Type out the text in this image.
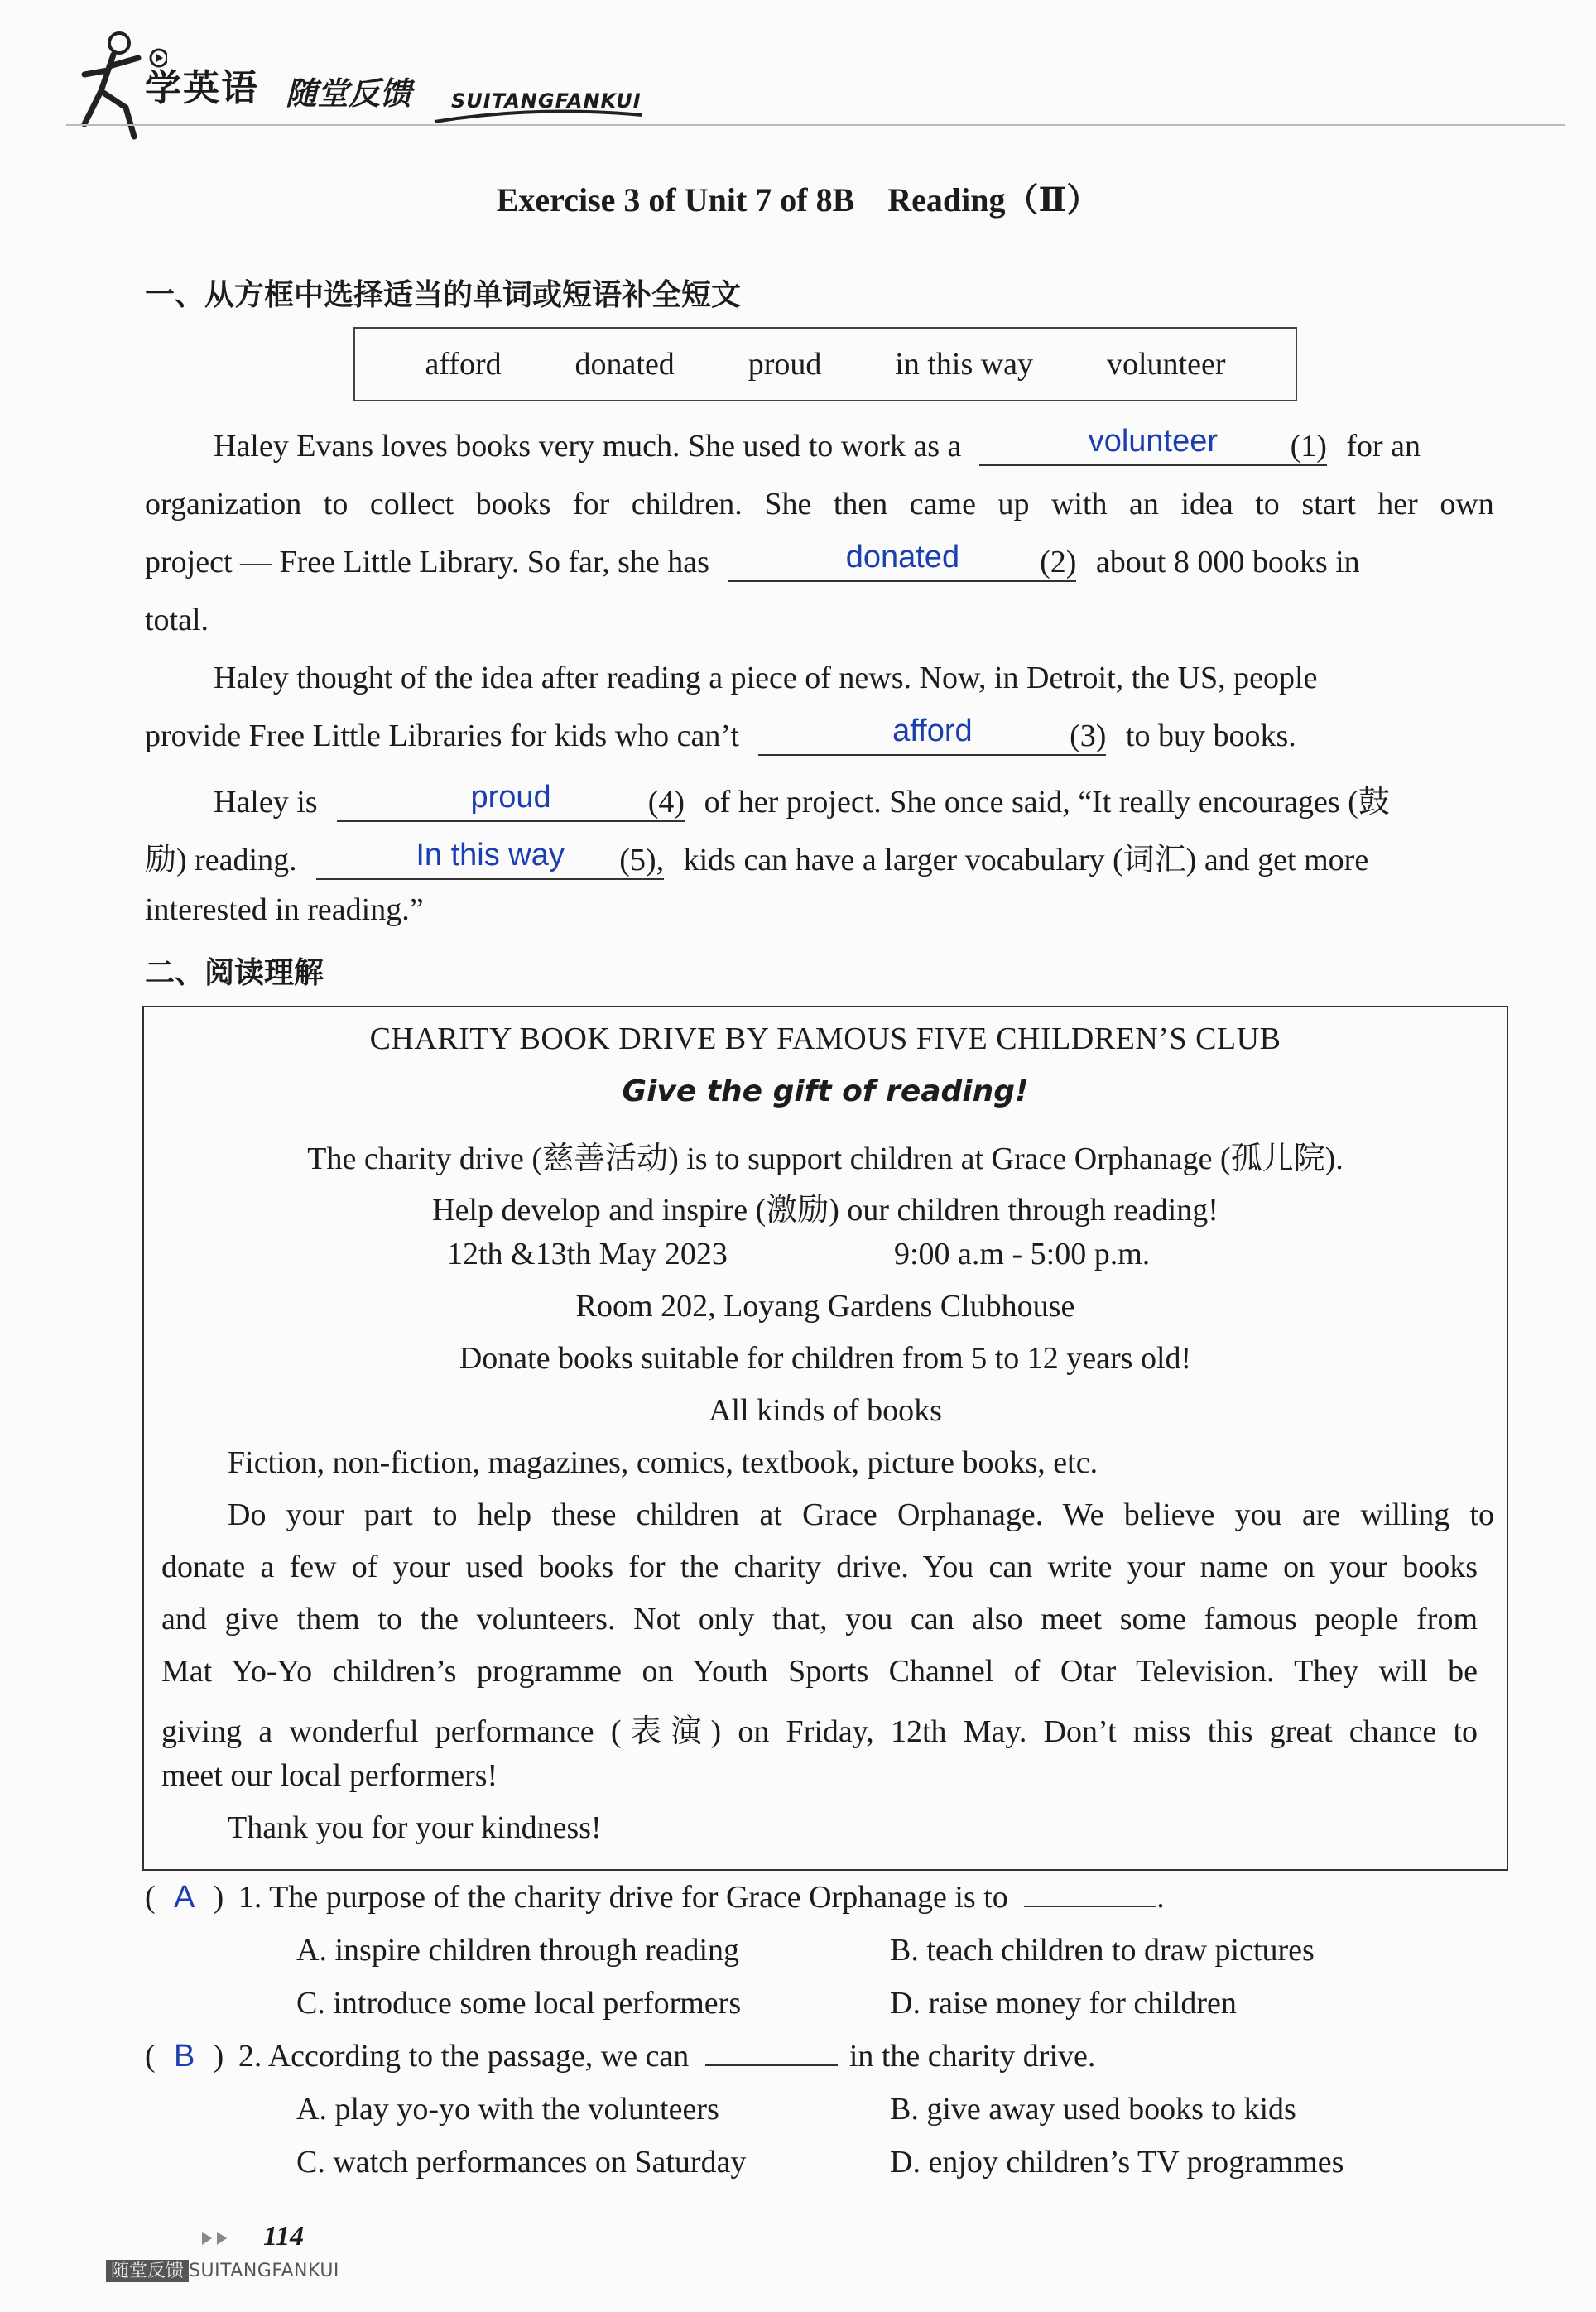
学英语 随堂反馈 SUITANGFANKUI
Exercise 3 of Unit 7 of 8B　Reading（Ⅱ）
一、从方框中选择适当的单词或短语补全短文
afford donated proud in this way volunteer
Haley Evans loves books very much. She used to work as a	volunteer (1) for an
organization to collect books for children. She then came up with an idea to start her own
project — Free Little Library. So far, she has	donated	(2) about 8 000 books in
total.
Haley thought of the idea after reading a piece of news. Now, in Detroit, the US, people
provide Free Little Libraries for kids who can’t	afford	(3) to buy books.
Haley is	proud	(4) of her project. She once said, “It really encourages (鼓
励) reading.	In this way (5), kids can have a larger vocabulary (词汇) and get more
interested in reading.”
二、阅读理解
CHARITY BOOK DRIVE BY FAMOUS FIVE CHILDREN’S CLUB
Give the gift of reading!
The charity drive (慈善活动) is to support children at Grace Orphanage (孤儿院).
Help develop and inspire (激励) our children through reading!
12th &13th May 2023	9:00 a.m - 5:00 p.m.
Room 202, Loyang Gardens Clubhouse
Donate books suitable for children from 5 to 12 years old!
All kinds of books
Fiction, non-fiction, magazines, comics, textbook, picture books, etc.
Do your part to help these children at Grace Orphanage. We believe you are willing to
donate a few of your used books for the charity drive. You can write your name on your books
and give them to the volunteers. Not only that, you can also meet some famous people from
Mat Yo-Yo children’s programme on Youth Sports Channel of Otar Television. They will be
giving a wonderful performance (表演) on Friday, 12th May. Don’t miss this great chance to
meet our local performers!
Thank you for your kindness!
( A ) 1. The purpose of the charity drive for Grace Orphanage is to	.
A. inspire children through reading	B. teach children to draw pictures
C. introduce some local performers	D. raise money for children
( B ) 2. According to the passage, we can	in the charity drive.
A. play yo-yo with the volunteers	B. give away used books to kids
C. watch performances on Saturday	D. enjoy children’s TV programmes
114
随堂反馈 SUITANGFANKUI
